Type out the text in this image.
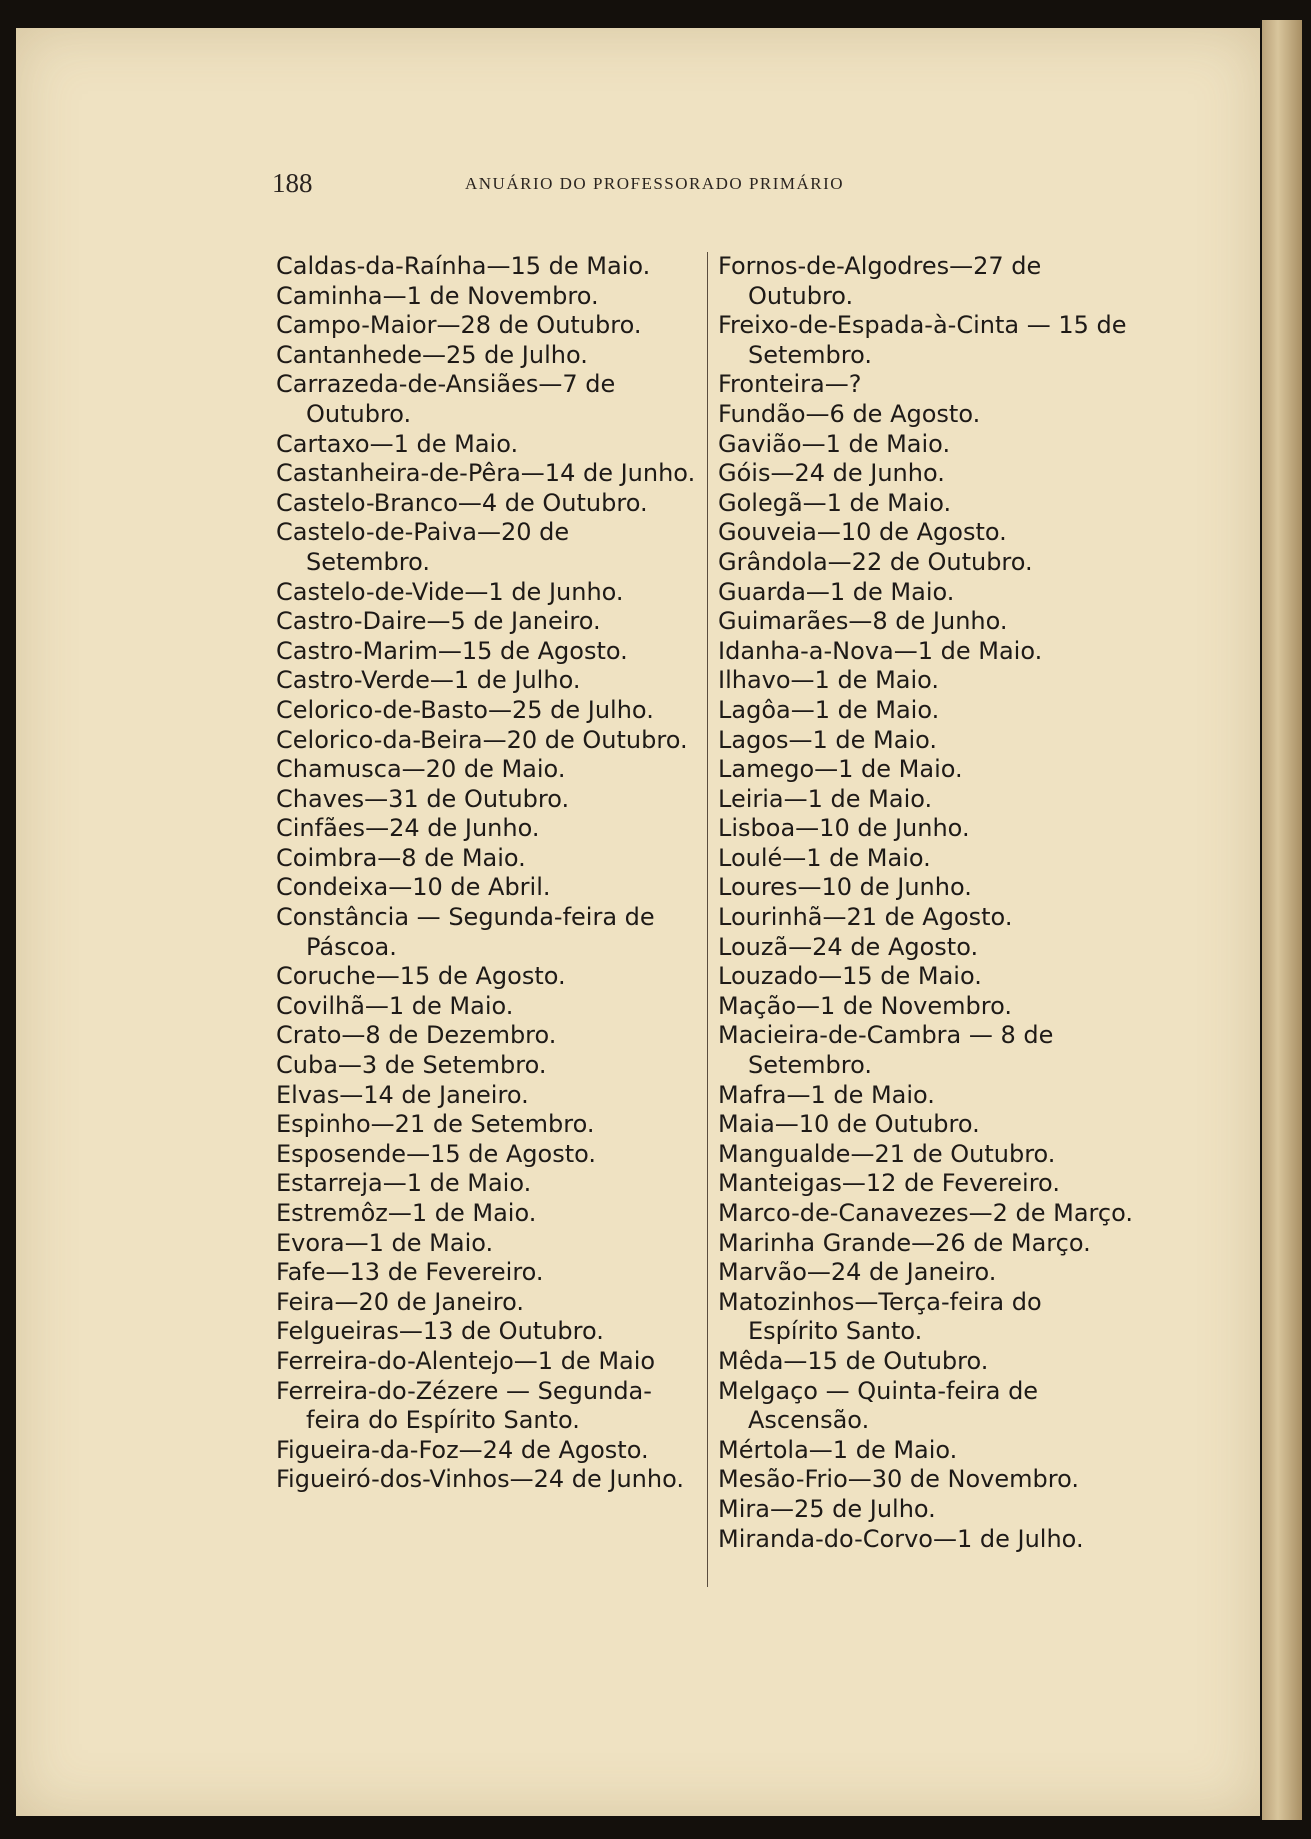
188	ANUÁRIO DO PROFESSORADO PRIMÁRIO
Caldas-da-Raínha—15 de Maio.
Caminha—1 de Novembro.
Campo-Maior—28 de Outubro.
Cantanhede—25 de Julho.
Carrazeda-de-Ansiães—7 de Outubro.
Cartaxo—1 de Maio.
Castanheira-de-Pêra—14 de Junho.
Castelo-Branco—4 de Outubro.
Castelo-de-Paiva—20 de Setembro.
Castelo-de-Vide—1 de Junho.
Castro-Daire—5 de Janeiro.
Castro-Marim—15 de Agosto.
Castro-Verde—1 de Julho.
Celorico-de-Basto—25 de Julho.
Celorico-da-Beira—20 de Outubro.
Chamusca—20 de Maio.
Chaves—31 de Outubro.
Cinfães—24 de Junho.
Coimbra—8 de Maio.
Condeixa—10 de Abril.
Constância — Segunda-feira de Páscoa.
Coruche—15 de Agosto.
Covilhã—1 de Maio.
Crato—8 de Dezembro.
Cuba—3 de Setembro.
Elvas—14 de Janeiro.
Espinho—21 de Setembro.
Esposende—15 de Agosto.
Estarreja—1 de Maio.
Estremôz—1 de Maio.
Evora—1 de Maio.
Fafe—13 de Fevereiro.
Feira—20 de Janeiro.
Felgueiras—13 de Outubro.
Ferreira-do-Alentejo—1 de Maio
Ferreira-do-Zézere — Segunda-feira do Espírito Santo.
Figueira-da-Foz—24 de Agosto.
Figueiró-dos-Vinhos—24 de Junho.
Fornos-de-Algodres—27 de Outubro.
Freixo-de-Espada-à-Cinta — 15 de Setembro.
Fronteira—?
Fundão—6 de Agosto.
Gavião—1 de Maio.
Góis—24 de Junho.
Golegã—1 de Maio.
Gouveia—10 de Agosto.
Grândola—22 de Outubro.
Guarda—1 de Maio.
Guimarães—8 de Junho.
Idanha-a-Nova—1 de Maio.
Ilhavo—1 de Maio.
Lagôa—1 de Maio.
Lagos—1 de Maio.
Lamego—1 de Maio.
Leiria—1 de Maio.
Lisboa—10 de Junho.
Loulé—1 de Maio.
Loures—10 de Junho.
Lourinhã—21 de Agosto.
Louzã—24 de Agosto.
Louzado—15 de Maio.
Mação—1 de Novembro.
Macieira-de-Cambra — 8 de Setembro.
Mafra—1 de Maio.
Maia—10 de Outubro.
Mangualde—21 de Outubro.
Manteigas—12 de Fevereiro.
Marco-de-Canavezes—2 de Março.
Marinha Grande—26 de Março.
Marvão—24 de Janeiro.
Matozinhos—Terça-feira do Espírito Santo.
Mêda—15 de Outubro.
Melgaço — Quinta-feira de Ascensão.
Mértola—1 de Maio.
Mesão-Frio—30 de Novembro.
Mira—25 de Julho.
Miranda-do-Corvo—1 de Julho.
